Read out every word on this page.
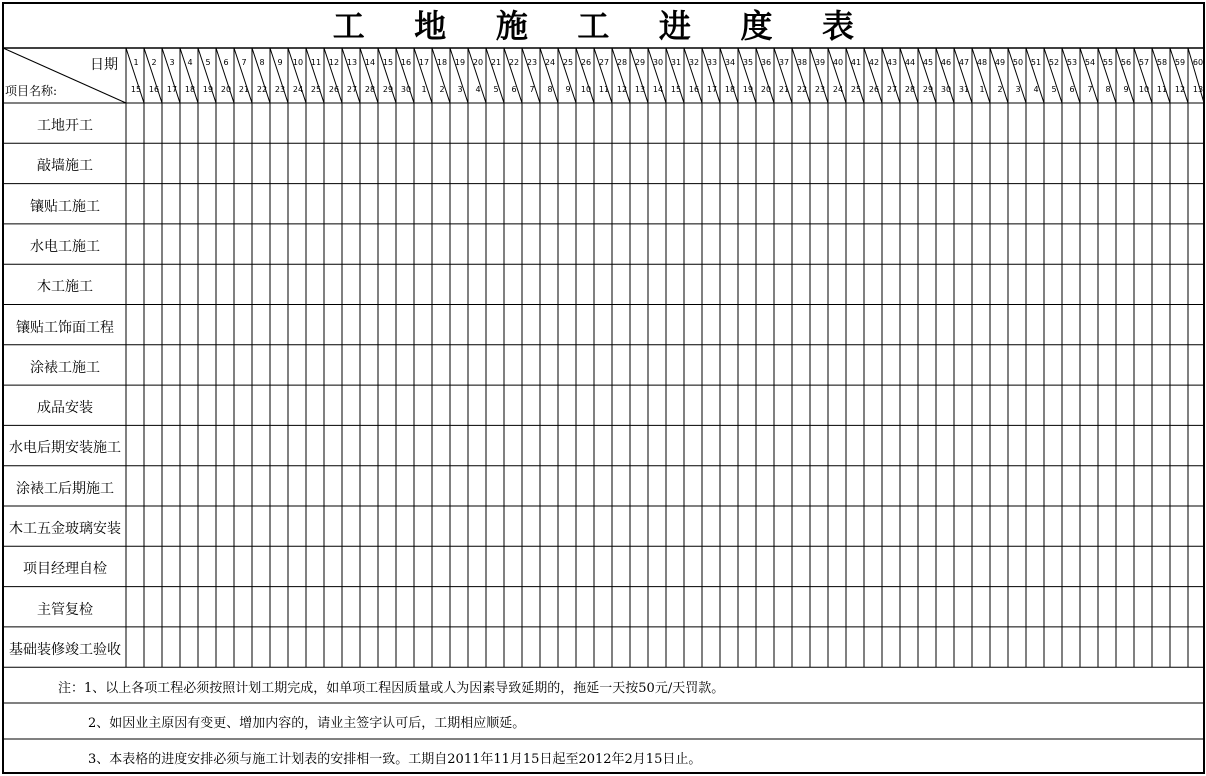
工 地 施 工 进 度 表
日期
项目名称:
1
15
2
16
3
17
4
18
5
19
6
20
7
21
8
22
9
23
10
24
11
25
12
26
13
27
14
28
15
29
16
30
17
1
18
2
19
3
20
4
21
5
22
6
23
7
24
8
25
9
26
10
27
11
28
12
29
13
30
14
31
15
32
16
33
17
34
18
35
19
36
20
37
21
38
22
39
23
40
24
41
25
42
26
43
27
44
28
45
29
46
30
47
31
48
1
49
2
50
3
51
4
52
5
53
6
54
7
55
8
56
9
57
10
58
11
59
12
60
13
工地开工
敲墙施工
镶贴工施工
水电工施工
木工施工
镶贴工饰面工程
涂裱工施工
成品安装
水电后期安装施工
涂裱工后期施工
木工五金玻璃安装
项目经理自检
主管复检
基础装修竣工验收
注：1、以上各项工程必须按照计划工期完成，如单项工程因质量或人为因素导致延期的，拖延一天按50元/天罚款。
2、如因业主原因有变更、增加内容的，请业主签字认可后，工期相应顺延。
3、本表格的进度安排必须与施工计划表的安排相一致。工期自2011年11月15日起至2012年2月15日止。
